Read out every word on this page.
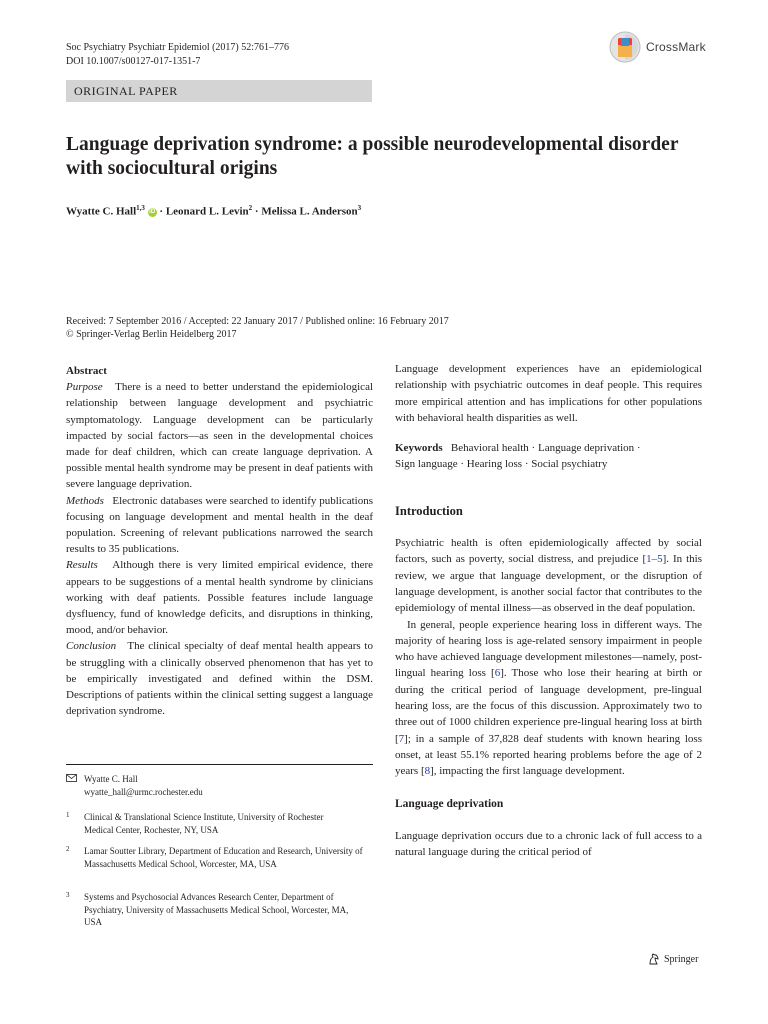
Soc Psychiatry Psychiatr Epidemiol (2017) 52:761–776
DOI 10.1007/s00127-017-1351-7
CrossMark
ORIGINAL PAPER
Language deprivation syndrome: a possible neurodevelopmental disorder with sociocultural origins
Wyatte C. Hall$^{1,3}$ iD · Leonard L. Levin$^2$ · Melissa L. Anderson$^3$
Received: 7 September 2016 / Accepted: 22 January 2017 / Published online: 16 February 2017
© Springer-Verlag Berlin Heidelberg 2017

Abstract

Purpose There is a need to better understand the epidemiological relationship between language development and psychiatric symptomatology. Language development can be particularly impacted by social factors—as seen in the developmental choices made for deaf children, which can create language deprivation. A possible mental health syndrome may be present in deaf patients with severe language deprivation.

Methods Electronic databases were searched to identify publications focusing on language development and mental health in the deaf population. Screening of relevant publications narrowed the search results to 35 publications.

Results Although there is very limited empirical evidence, there appears to be suggestions of a mental health syndrome by clinicians working with deaf patients. Possible features include language dysfluency, fund of knowledge deficits, and disruptions in thinking, mood, and/or behavior.

Conclusion The clinical specialty of deaf mental health appears to be struggling with a clinically observed phenomenon that has yet to be empirically investigated and defined within the DSM. Descriptions of patients within the clinical setting suggest a language deprivation syndrome.

Wyatte C. Hall
wyatte_hall@urmc.rochester.edu
1 Clinical & Translational Science Institute, University of Rochester Medical Center, Rochester, NY, USA
2 Lamar Soutter Library, Department of Education and Research, University of Massachusetts Medical School, Worcester, MA, USA
3 Systems and Psychosocial Advances Research Center, Department of Psychiatry, University of Massachusetts Medical School, Worcester, MA, USA

Language development experiences have an epidemiological relationship with psychiatric outcomes in deaf people. This requires more empirical attention and has implications for other populations with behavioral health disparities as well.

Keywords Behavioral health · Language deprivation ·
Sign language · Hearing loss · Social psychiatry

Introduction

Psychiatric health is often epidemiologically affected by social factors, such as poverty, social distress, and prejudice [1–5]. In this review, we argue that language development, or the disruption of language development, is another social factor that contributes to the epidemiology of mental illness—as observed in the deaf population.

In general, people experience hearing loss in different ways. The majority of hearing loss is age-related sensory impairment in people who have achieved language development milestones—namely, post-lingual hearing loss [6]. Those who lose their hearing at birth or during the critical period of language development, pre-lingual hearing loss, are the focus of this discussion. Approximately two to three out of 1000 children experience pre-lingual hearing loss at birth [7]; in a sample of 37,828 deaf students with known hearing loss onset, at least 55.1% reported hearing problems before the age of 2 years [8], impacting the first language development.

Language deprivation

Language deprivation occurs due to a chronic lack of full access to a natural language during the critical period of

Springer
